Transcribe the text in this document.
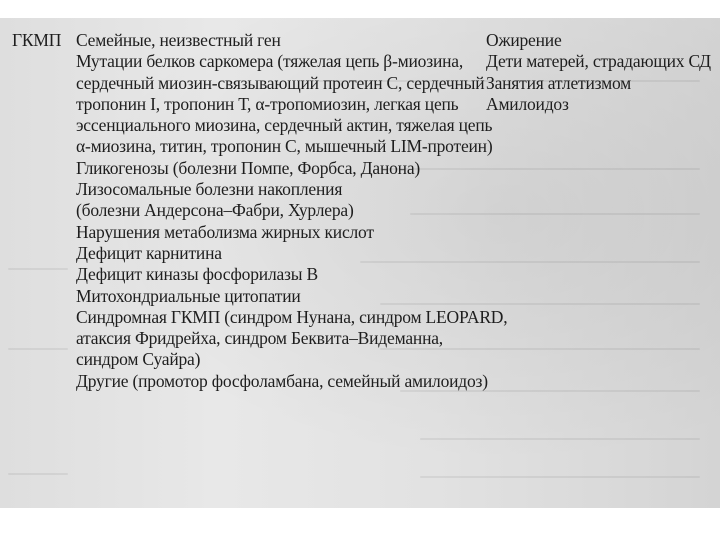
ГКМП Семейные, неизвестный ген
Мутации белков саркомера (тяжелая цепь β-миозина,
сердечный миозин-связывающий протеин С, сердечный
тропонин I, тропонин Т, α-тропомиозин, легкая цепь
эссенциального миозина, сердечный актин, тяжелая цепь
α-миозина, титин, тропонин С, мышечный LIM-протеин)
Гликогенозы (болезни Помпе, Форбса, Данона)
Лизосомальные болезни накопления
(болезни Андерсона–Фабри, Хурлера)
Нарушения метаболизма жирных кислот
Дефицит карнитина
Дефицит киназы фосфорилазы В
Митохондриальные цитопатии
Синдромная ГКМП (синдром Нунана, синдром LEOPARD,
атаксия Фридрейха, синдром Беквита–Видеманна,
синдром Суайра)
Другие (промотор фосфоламбана, семейный амилоидоз)
Ожирение
Дети матерей, страдающих СД
Занятия атлетизмом
Амилоидоз
